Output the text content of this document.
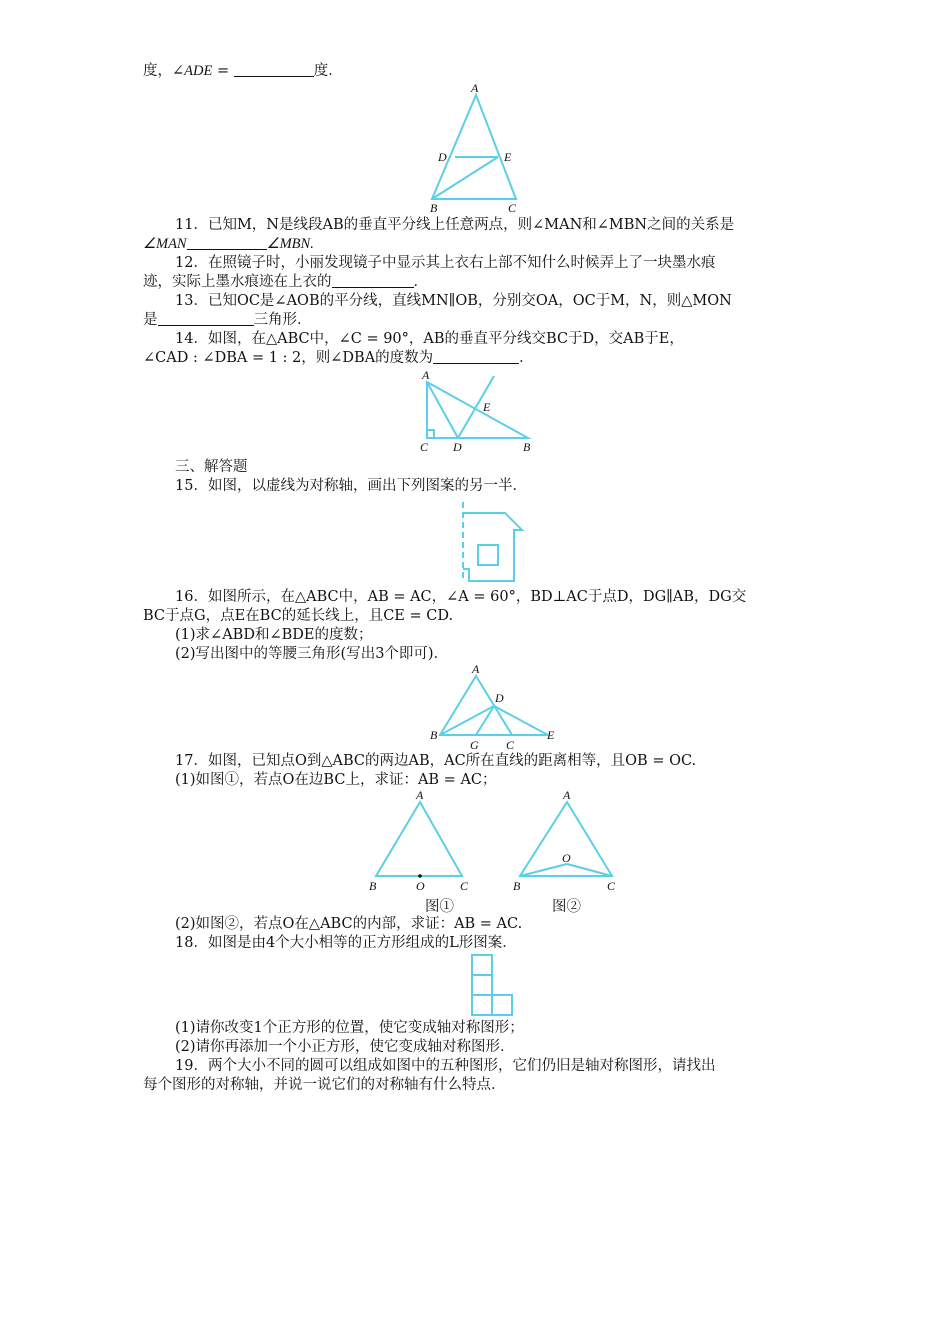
度，∠ADE =	度．
A
D	E
B	C
11．已知M，N是线段AB的垂直平分线上任意两点，则∠MAN和∠MBN之间的关系是
∠MAN	∠MBN.
12．在照镜子时，小丽发现镜子中显示其上衣右上部不知什么时候弄上了一块墨水痕
迹，实际上墨水痕迹在上衣的	．
13．已知OC是∠AOB的平分线，直线MN∥OB，分别交OA，OC于M，N，则△MON
是	三角形．
14．如图，在△ABC中，∠C = 90°，AB的垂直平分线交BC于D，交AB于E，
∠CAD : ∠DBA = 1 : 2，则∠DBA的度数为	．
A
E
C D	B
三、解答题
15．如图，以虚线为对称轴，画出下列图案的另一半．
16．如图所示，在△ABC中，AB = AC，∠A = 60°，BD⊥AC于点D，DG∥AB，DG交
BC于点G，点E在BC的延长线上，且CE = CD.
(1)求∠ABD和∠BDE的度数；
(2)写出图中的等腰三角形(写出3个即可)．
A
D
B	E
G C
17．如图，已知点O到△ABC的两边AB，AC所在直线的距离相等，且OB = OC.
(1)如图①，若点O在边BC上，求证：AB = AC；
A
B	O	C
A
O
B	C
图①	图②
(2)如图②，若点O在△ABC的内部，求证：AB = AC.
18．如图是由4个大小相等的正方形组成的L形图案．
(1)请你改变1个正方形的位置，使它变成轴对称图形；
(2)请你再添加一个小正方形，使它变成轴对称图形．
19．两个大小不同的圆可以组成如图中的五种图形，它们仍旧是轴对称图形，请找出
每个图形的对称轴，并说一说它们的对称轴有什么特点．
